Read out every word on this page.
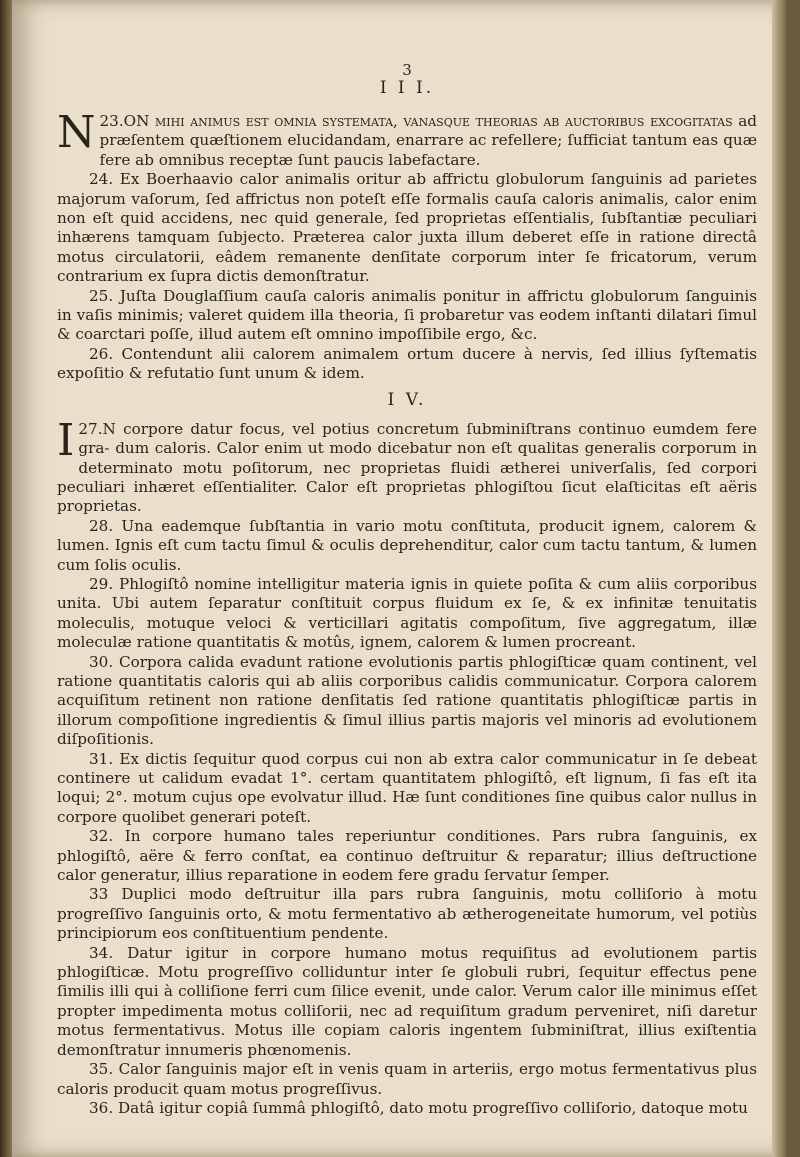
3

I I I.

23.
N ON mihi animus eſt omnia ſyſtemata, vanaſque theorias ab auctoribus excogitatas ad præſentem quæſtionem elucidandam, enarrare ac refellere; ſufficiat tantum eas quæ fere ab omnibus receptæ ſunt paucis labefactare.

24. Ex Boerhaavio calor animalis oritur ab affrictu globulorum ſanguinis ad parietes majorum vaſorum, ſed affrictus non poteſt eſſe formalis cauſa caloris animalis, calor enim non eſt quid accidens, nec quid generale, ſed proprietas eſſentialis, ſubſtantiæ peculiari inhærens tamquam ſubjecto. Præterea calor juxta illum deberet eſſe in ratione directâ motus circulatorii, eâdem remanente denſitate corporum inter ſe fricatorum, verum contrarium ex ſupra dictis demonſtratur.

25. Juſta Douglaſſium cauſa caloris animalis ponitur in affrictu globulorum ſanguinis in vaſis minimis; valeret quidem illa theoria, ſi probaretur vas eodem inſtanti dilatari ſimul & coarctari poſſe, illud autem eſt omnino impoſſibile ergo, &c.

26. Contendunt alii calorem animalem ortum ducere à nervis, ſed illius ſyſtematis expoſitio & refutatio ſunt unum & idem.

I V.

27.
I N corpore datur focus, vel potius concretum ſubminiſtrans continuo eumdem fere gra- dum caloris. Calor enim ut modo dicebatur non eſt qualitas generalis corporum in determinato motu poſitorum, nec proprietas fluidi ætherei univerſalis, ſed corpori peculiari inhæret eſſentialiter. Calor eſt proprietas phlogiſtou ſicut elaſticitas eſt aëris proprietas.

28. Una eademque ſubſtantia in vario motu conſtituta, producit ignem, calorem & lumen. Ignis eſt cum tactu ſimul & oculis deprehenditur, calor cum tactu tantum, & lumen cum ſolis oculis.

29. Phlogiſtô nomine intelligitur materia ignis in quiete poſita & cum aliis corporibus unita. Ubi autem ſeparatur conſtituit corpus fluidum ex ſe, & ex infinitæ tenuitatis moleculis, motuque veloci & verticillari agitatis compoſitum, ſive aggregatum, illæ moleculæ ratione quantitatis & motûs, ignem, calorem & lumen procreant.

30. Corpora calida evadunt ratione evolutionis partis phlogiſticæ quam continent, vel ratione quantitatis caloris qui ab aliis corporibus calidis communicatur. Corpora calorem acquiſitum retinent non ratione denſitatis ſed ratione quantitatis phlogiſticæ partis in illorum compoſitione ingredientis & ſimul illius partis majoris vel minoris ad evolutionem diſpoſitionis.

31. Ex dictis ſequitur quod corpus cui non ab extra calor communicatur in ſe debeat continere ut calidum evadat 1°. certam quantitatem phlogiſtô, eſt lignum, ſi fas eſt ita loqui; 2°. motum cujus ope evolvatur illud. Hæ ſunt conditiones ſine quibus calor nullus in corpore quolibet generari poteſt.

32. In corpore humano tales reperiuntur conditiones. Pars rubra ſanguinis, ex phlogiſtô, aëre & ferro conſtat, ea continuo deſtruitur & reparatur; illius deſtructione calor generatur, illius reparatione in eodem fere gradu ſervatur ſemper.

33 Duplici modo deſtruitur illa pars rubra ſanguinis, motu colliſorio à motu progreſſivo ſanguinis orto, & motu fermentativo ab ætherogeneitate humorum, vel potiùs principiorum eos conſtituentium pendente.

34. Datur igitur in corpore humano motus requiſitus ad evolutionem partis phlogiſticæ. Motu progreſſivo colliduntur inter ſe globuli rubri, ſequitur effectus pene ſimilis illi qui à colliſione ferri cum ſilice evenit, unde calor. Verum calor ille minimus eſſet propter impedimenta motus colliſorii, nec ad requiſitum gradum perveniret, niſi daretur motus fermentativus. Motus ille copiam caloris ingentem ſubminiſtrat, illius exiſtentia demonſtratur innumeris phœnomenis.

35. Calor ſanguinis major eſt in venis quam in arteriis, ergo motus fermentativus plus caloris producit quam motus progreſſivus.

36. Datâ igitur copiâ ſummâ phlogiſtô, dato motu progreſſivo colliſorio, datoque motu
